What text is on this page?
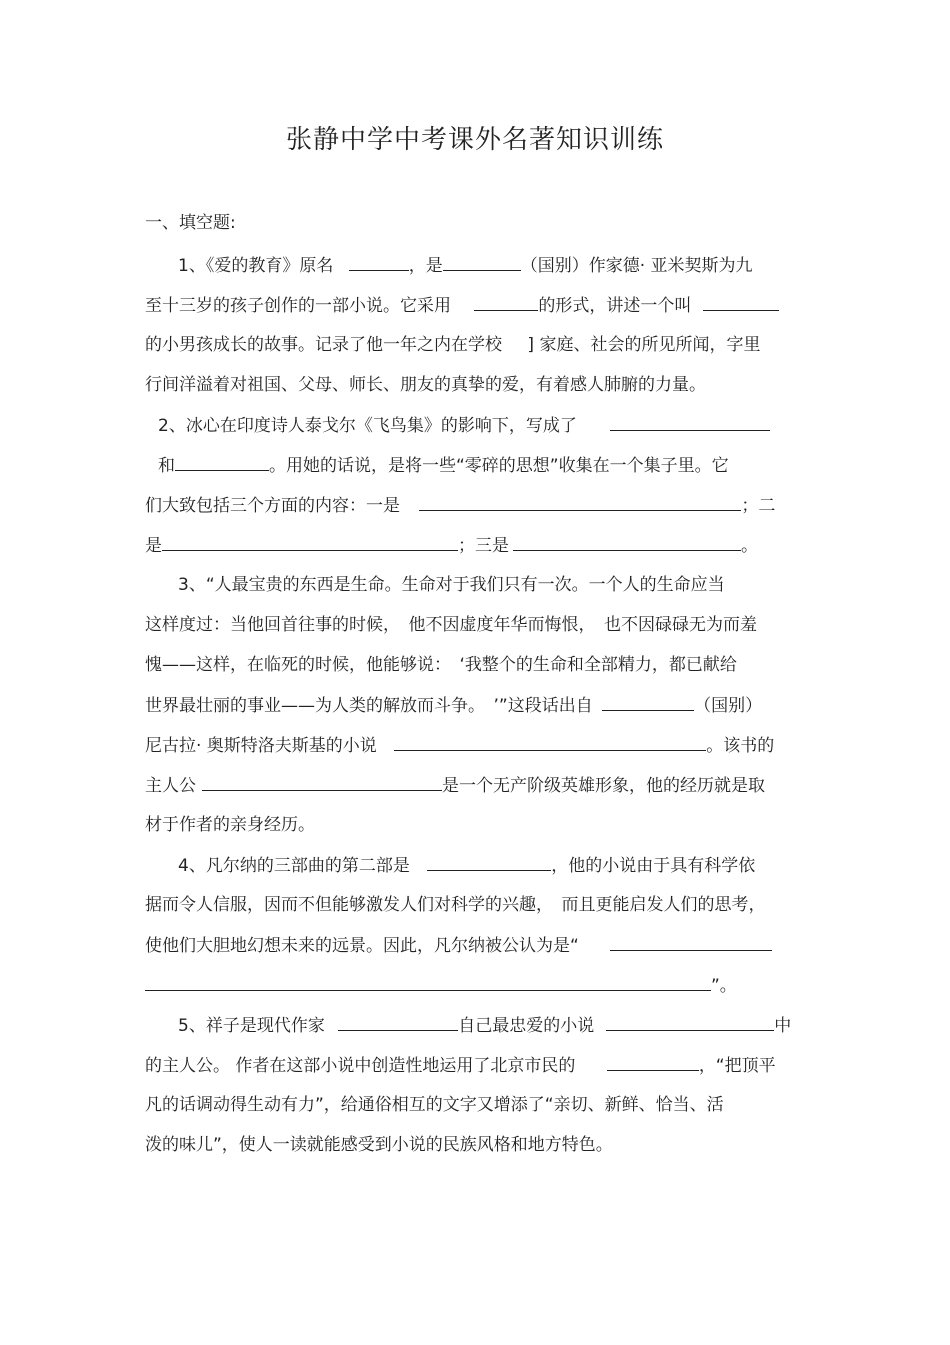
张静中学中考课外名著知识训练
一、填空题:
1、《爱的教育》原名	，是	（国别）作家德· 亚米契斯为九
至十三岁的孩子创作的一部小说。它采用	的形式，讲述一个叫
的小男孩成长的故事。记录了他一年之内在学校 ] 家庭、社会的所见所闻，字里
行间洋溢着对祖国、父母、师长、朋友的真挚的爱，有着感人肺腑的力量。
2、冰心在印度诗人泰戈尔《飞鸟集》的影响下，写成了
和	。用她的话说，是将一些“零碎的思想”收集在一个集子里。它
们大致包括三个方面的内容：一是	；二
是	；三是	。
3、“人最宝贵的东西是生命。生命对于我们只有一次。一个人的生命应当
这样度过：当他回首往事的时候，　他不因虚度年华而悔恨，　也不因碌碌无为而羞
愧——这样，在临死的时候，他能够说：　‘我整个的生命和全部精力，都已献给
世界最壮丽的事业——为人类的解放而斗争。　’”这段话出自	（国别）
尼古拉· 奥斯特洛夫斯基的小说	。该书的
主人公	是一个无产阶级英雄形象，他的经历就是取
材于作者的亲身经历。
4、凡尔纳的三部曲的第二部是	，他的小说由于具有科学依
据而令人信服，因而不但能够激发人们对科学的兴趣，　而且更能启发人们的思考，
使他们大胆地幻想未来的远景。因此，凡尔纳被公认为是“
”。
5、祥子是现代作家	自己最忠爱的小说	中
的主人公。 作者在这部小说中创造性地运用了北京市民的	，“把顶平
凡的话调动得生动有力”，给通俗相互的文字又增添了“亲切、新鲜、恰当、活
泼的味儿”，使人一读就能感受到小说的民族风格和地方特色。
